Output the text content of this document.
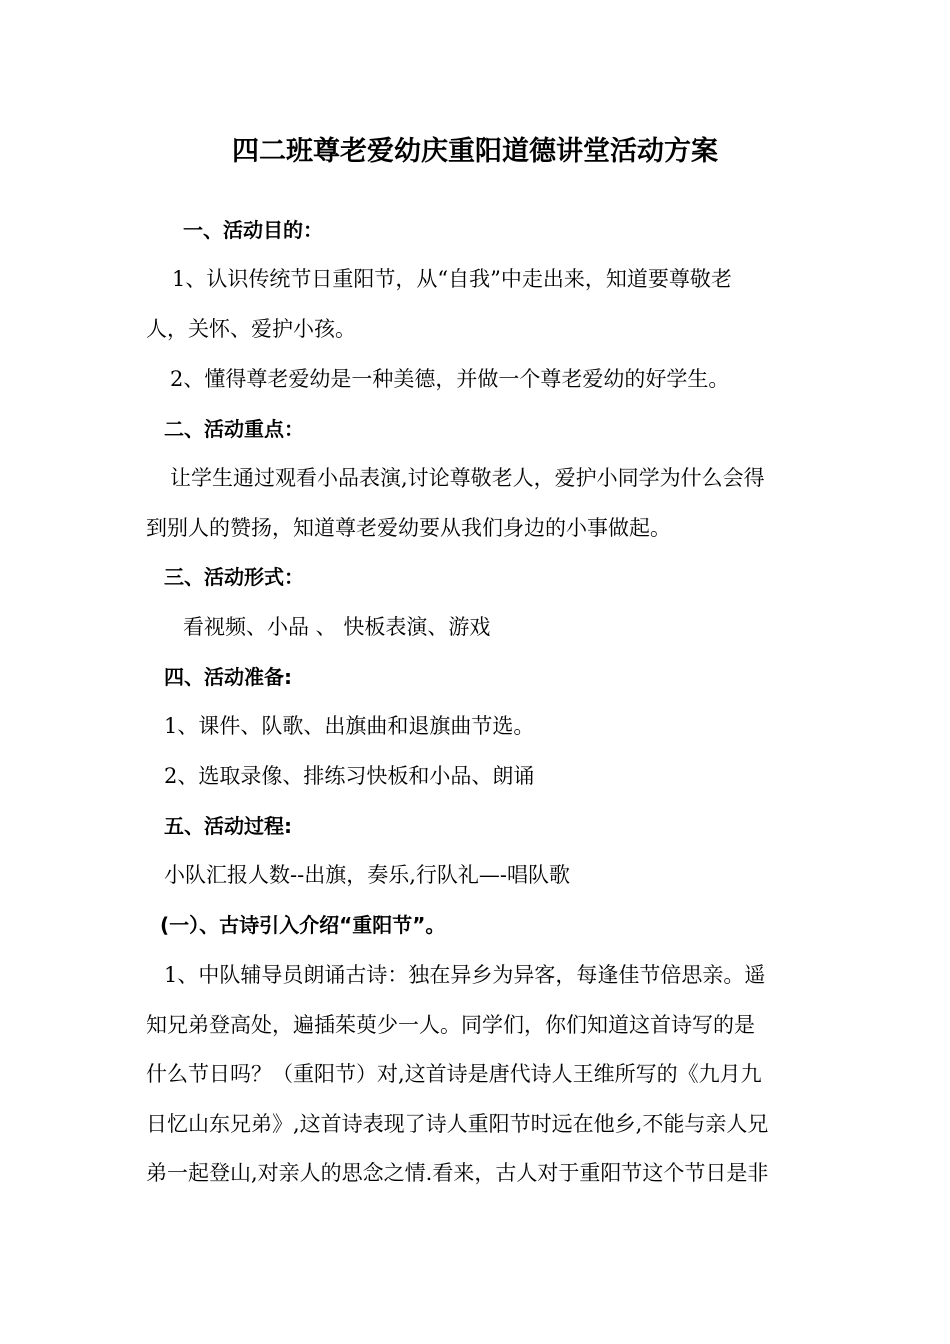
四二班尊老爱幼庆重阳道德讲堂活动方案
一、活动目的：
1、认识传统节日重阳节，从“自我”中走出来，知道要尊敬老
人，关怀、爱护小孩。
2、懂得尊老爱幼是一种美德，并做一个尊老爱幼的好学生。
二、活动重点：
让学生通过观看小品表演,讨论尊敬老人，爱护小同学为什么会得
到别人的赞扬，知道尊老爱幼要从我们身边的小事做起。
三、活动形式：
看视频、小品 、 快板表演、游戏
四、活动准备:
1、课件、队歌、出旗曲和退旗曲节选。
2、选取录像、排练习快板和小品、朗诵
五、活动过程:
小队汇报人数--出旗，奏乐,行队礼—-唱队歌
(一）、古诗引入介绍“重阳节”。
1、中队辅导员朗诵古诗：独在异乡为异客，每逢佳节倍思亲。遥
知兄弟登高处，遍插茱萸少一人。同学们，你们知道这首诗写的是
什么节日吗？（重阳节）对,这首诗是唐代诗人王维所写的《九月九
日忆山东兄弟》,这首诗表现了诗人重阳节时远在他乡,不能与亲人兄
弟一起登山,对亲人的思念之情.看来，古人对于重阳节这个节日是非
